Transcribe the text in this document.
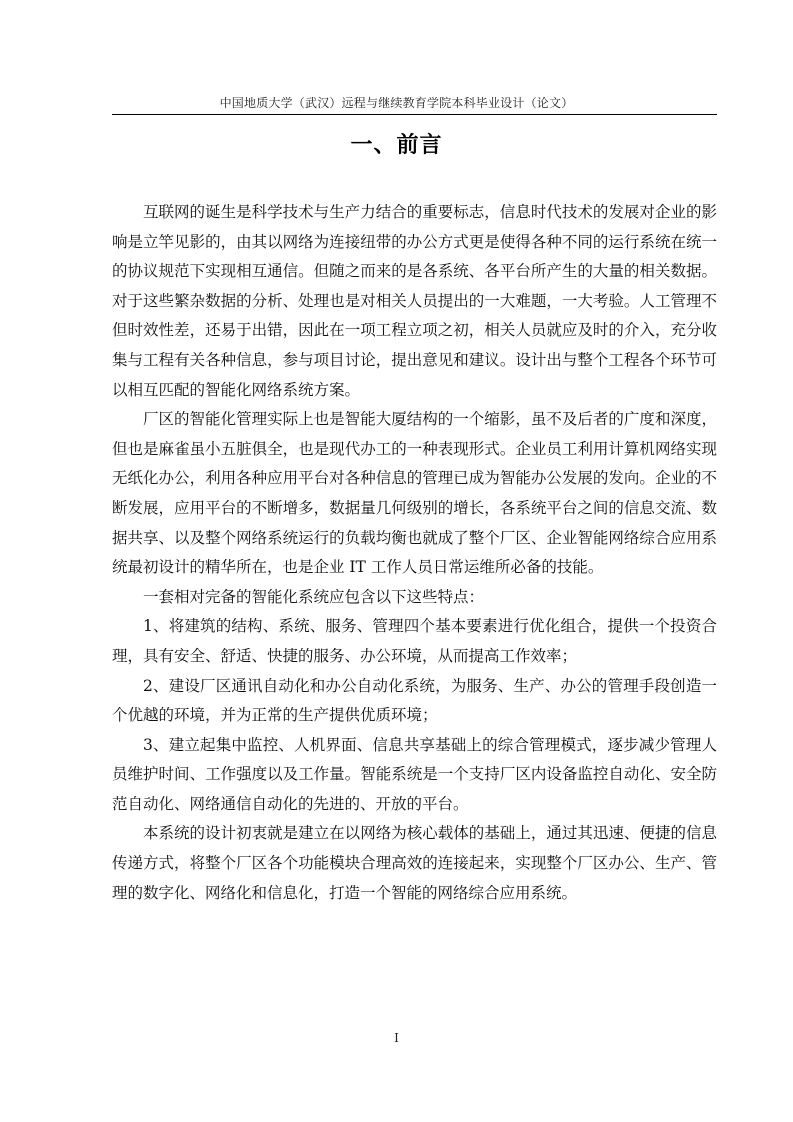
中国地质大学（武汉）远程与继续教育学院本科毕业设计（论文）
一、前言

互联网的诞生是科学技术与生产力结合的重要标志，信息时代技术的发展对企业的影响是立竿见影的，由其以网络为连接纽带的办公方式更是使得各种不同的运行系统在统一的协议规范下实现相互通信。但随之而来的是各系统、各平台所产生的大量的相关数据。对于这些繁杂数据的分析、处理也是对相关人员提出的一大难题，一大考验。人工管理不但时效性差，还易于出错，因此在一项工程立项之初，相关人员就应及时的介入，充分收集与工程有关各种信息，参与项目讨论，提出意见和建议。设计出与整个工程各个环节可以相互匹配的智能化网络系统方案。

厂区的智能化管理实际上也是智能大厦结构的一个缩影，虽不及后者的广度和深度，但也是麻雀虽小五脏俱全，也是现代办工的一种表现形式。企业员工利用计算机网络实现无纸化办公，利用各种应用平台对各种信息的管理已成为智能办公发展的发向。企业的不断发展，应用平台的不断增多，数据量几何级别的增长，各系统平台之间的信息交流、数据共享、以及整个网络系统运行的负载均衡也就成了整个厂区、企业智能网络综合应用系统最初设计的精华所在，也是企业 IT 工作人员日常运维所必备的技能。

一套相对完备的智能化系统应包含以下这些特点：

1、将建筑的结构、系统、服务、管理四个基本要素进行优化组合，提供一个投资合理，具有安全、舒适、快捷的服务、办公环境，从而提高工作效率；

2、建设厂区通讯自动化和办公自动化系统，为服务、生产、办公的管理手段创造一个优越的环境，并为正常的生产提供优质环境；

3、建立起集中监控、人机界面、信息共享基础上的综合管理模式，逐步减少管理人员维护时间、工作强度以及工作量。智能系统是一个支持厂区内设备监控自动化、安全防范自动化、网络通信自动化的先进的、开放的平台。

本系统的设计初衷就是建立在以网络为核心载体的基础上，通过其迅速、便捷的信息传递方式，将整个厂区各个功能模块合理高效的连接起来，实现整个厂区办公、生产、管理的数字化、网络化和信息化，打造一个智能的网络综合应用系统。

I
